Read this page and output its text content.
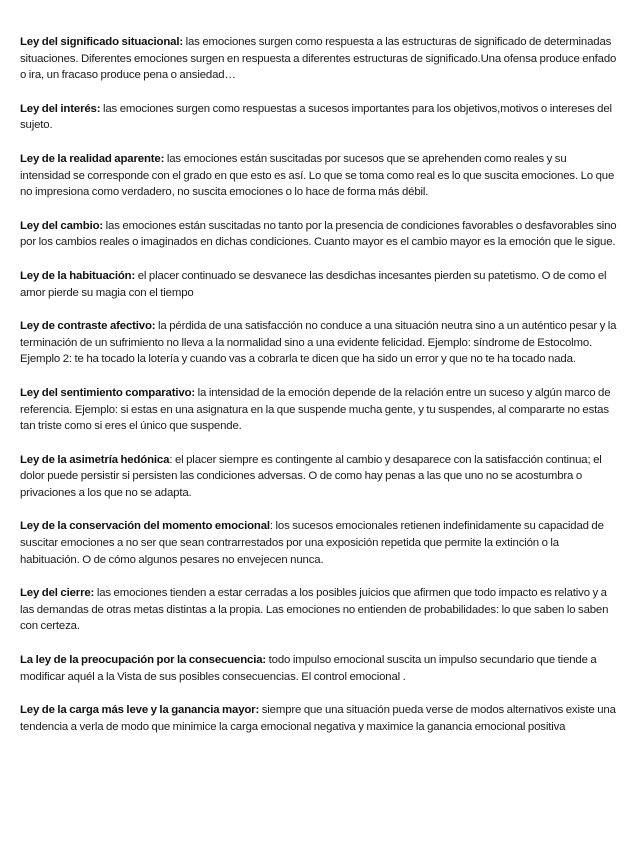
Ley del significado situacional: las emociones surgen como respuesta a las estructuras de significado de determinadas situaciones. Diferentes emociones surgen en respuesta a diferentes estructuras de significado.Una ofensa produce enfado o ira, un fracaso produce pena o ansiedad…

Ley del interés: las emociones surgen como respuestas a sucesos importantes para los objetivos,motivos o intereses del sujeto.

Ley de la realidad aparente: las emociones están suscitadas por sucesos que se aprehenden como reales y su intensidad se corresponde con el grado en que esto es así. Lo que se toma como real es lo que suscita emociones. Lo que no impresiona como verdadero, no suscita emociones o lo hace de forma más débil.

Ley del cambio: las emociones están suscitadas no tanto por la presencia de condiciones favorables o desfavorables sino por los cambios reales o imaginados en dichas condiciones. Cuanto mayor es el cambio mayor es la emoción que le sigue.

Ley de la habituación: el placer continuado se desvanece las desdichas incesantes pierden su patetismo. O de como el amor pierde su magia con el tiempo

Ley de contraste afectivo: la pérdida de una satisfacción no conduce a una situación neutra sino a un auténtico pesar y la terminación de un sufrimiento no lleva a la normalidad sino a una evidente felicidad. Ejemplo: síndrome de Estocolmo. Ejemplo 2: te ha tocado la lotería y cuando vas a cobrarla te dicen que ha sido un error y que no te ha tocado nada.

Ley del sentimiento comparativo: la intensidad de la emoción depende de la relación entre un suceso y algún marco de referencia. Ejemplo: si estas en una asignatura en la que suspende mucha gente, y tu suspendes, al compararte no estas tan triste como si eres el único que suspende.

Ley de la asimetría hedónica: el placer siempre es contingente al cambio y desaparece con la satisfacción continua; el dolor puede persistir si persisten las condiciones adversas. O de como hay penas a las que uno no se acostumbra o privaciones a los que no se adapta.

Ley de la conservación del momento emocional: los sucesos emocionales retienen indefinidamente su capacidad de suscitar emociones a no ser que sean contrarrestados por una exposición repetida que permite la extinción o la habituación. O de cómo algunos pesares no envejecen nunca.

Ley del cierre: las emociones tienden a estar cerradas a los posibles juicios que afirmen que todo impacto es relativo y a las demandas de otras metas distintas a la propia. Las emociones no entienden de probabilidades: lo que saben lo saben con certeza.

La ley de la preocupación por la consecuencia: todo impulso emocional suscita un impulso secundario que tiende a modificar aquél a la Vista de sus posibles consecuencias. El control emocional .

Ley de la carga más leve y la ganancia mayor: siempre que una situación pueda verse de modos alternativos existe una tendencia a verla de modo que minimice la carga emocional negativa y maximice la ganancia emocional positiva
